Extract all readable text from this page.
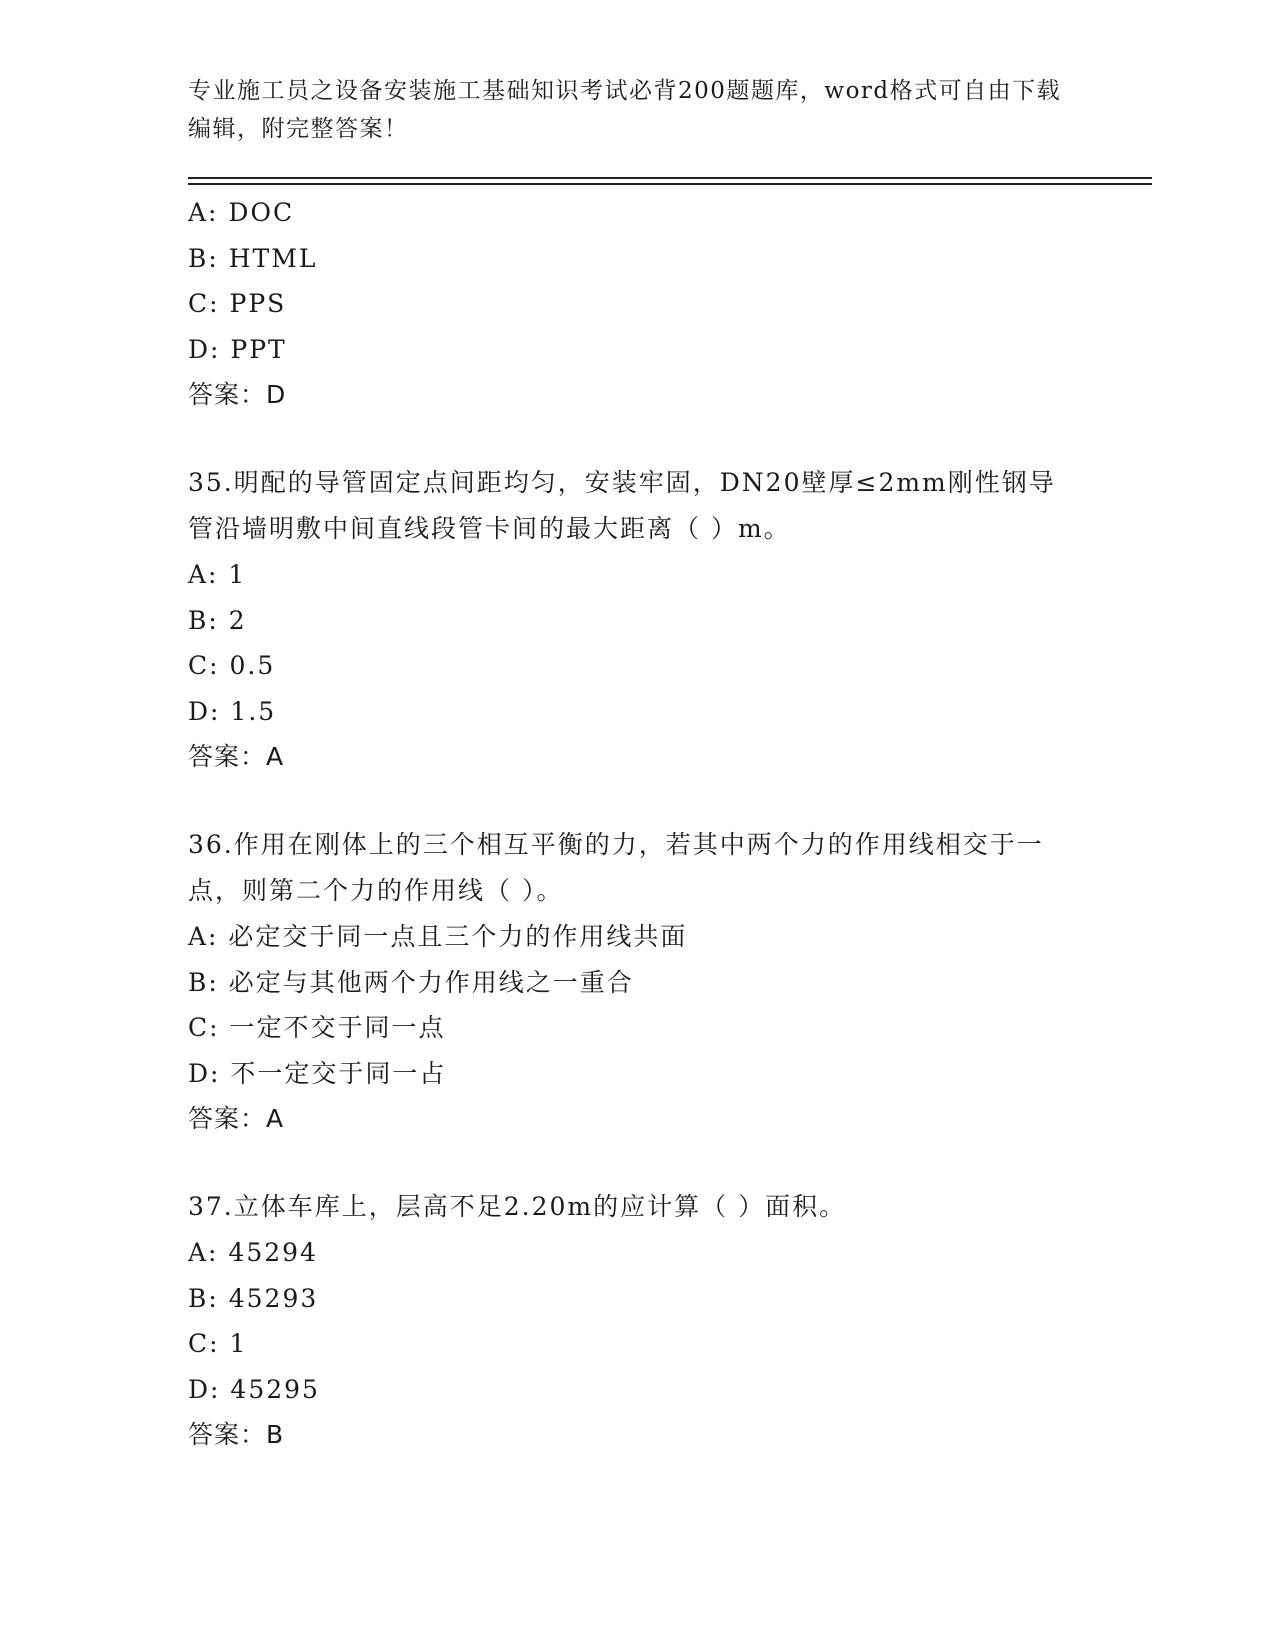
专业施工员之设备安装施工基础知识考试必背200题题库，word格式可自由下载编辑，附完整答案！
A: DOC
B: HTML
C: PPS
D: PPT
答案：D
35.明配的导管固定点间距均匀，安装牢固，DN20壁厚≤2mm刚性钢导管沿墙明敷中间直线段管卡间的最大距离（ ）m。
A: 1
B: 2
C: 0.5
D: 1.5
答案：A
36.作用在刚体上的三个相互平衡的力，若其中两个力的作用线相交于一点，则第二个力的作用线（ ）。
A: 必定交于同一点且三个力的作用线共面
B: 必定与其他两个力作用线之一重合
C: 一定不交于同一点
D: 不一定交于同一占
答案：A
37.立体车库上，层高不足2.20m的应计算（ ）面积。
A: 45294
B: 45293
C: 1
D: 45295
答案：B
